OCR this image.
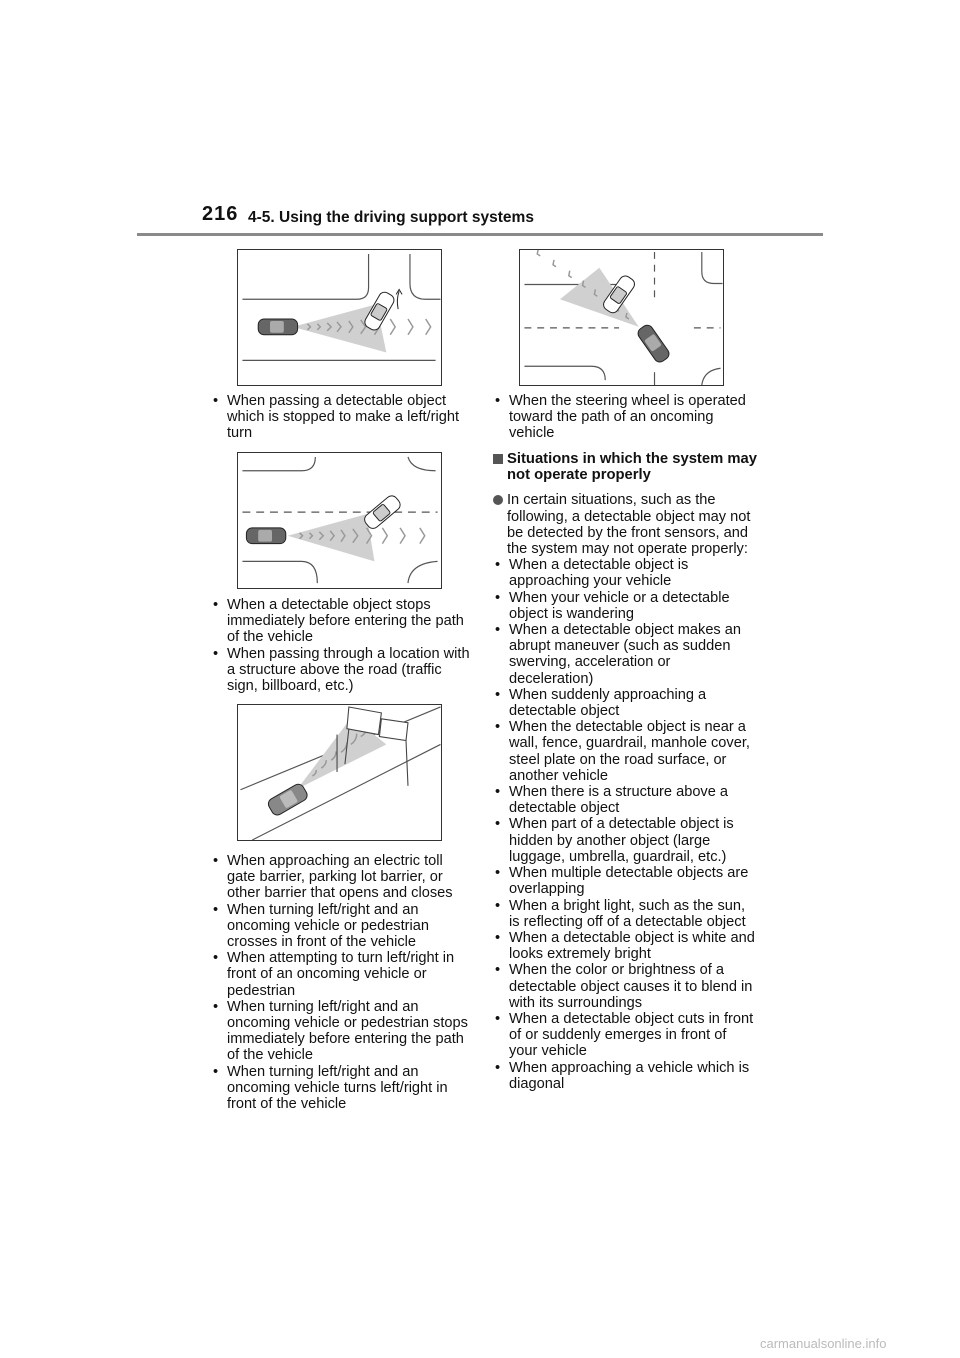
216 4-5. Using the driving support systems
• When passing a detectable object which is stopped to make a left/right turn
• When a detectable object stops immediately before entering the path of the vehicle
• When passing through a location with a structure above the road (traffic sign, billboard, etc.)
• When approaching an electric toll gate barrier, parking lot barrier, or other barrier that opens and closes
• When turning left/right and an oncoming vehicle or pedestrian crosses in front of the vehicle
• When attempting to turn left/right in front of an oncoming vehicle or pedestrian
• When turning left/right and an oncoming vehicle or pedestrian stops immediately before entering the path of the vehicle
• When turning left/right and an oncoming vehicle turns left/right in front of the vehicle
• When the steering wheel is operated toward the path of an oncoming vehicle
Situations in which the system may not operate properly
In certain situations, such as the following, a detectable object may not be detected by the front sensors, and the system may not operate properly:
• When a detectable object is approaching your vehicle
• When your vehicle or a detectable object is wandering
• When a detectable object makes an abrupt maneuver (such as sudden swerving, acceleration or deceleration)
• When suddenly approaching a detectable object
• When the detectable object is near a wall, fence, guardrail, manhole cover, steel plate on the road surface, or another vehicle
• When there is a structure above a detectable object
• When part of a detectable object is hidden by another object (large luggage, umbrella, guardrail, etc.)
• When multiple detectable objects are overlapping
• When a bright light, such as the sun, is reflecting off of a detectable object
• When a detectable object is white and looks extremely bright
• When the color or brightness of a detectable object causes it to blend in with its surroundings
• When a detectable object cuts in front of or suddenly emerges in front of your vehicle
• When approaching a vehicle which is diagonal
carmanualsonline.info
